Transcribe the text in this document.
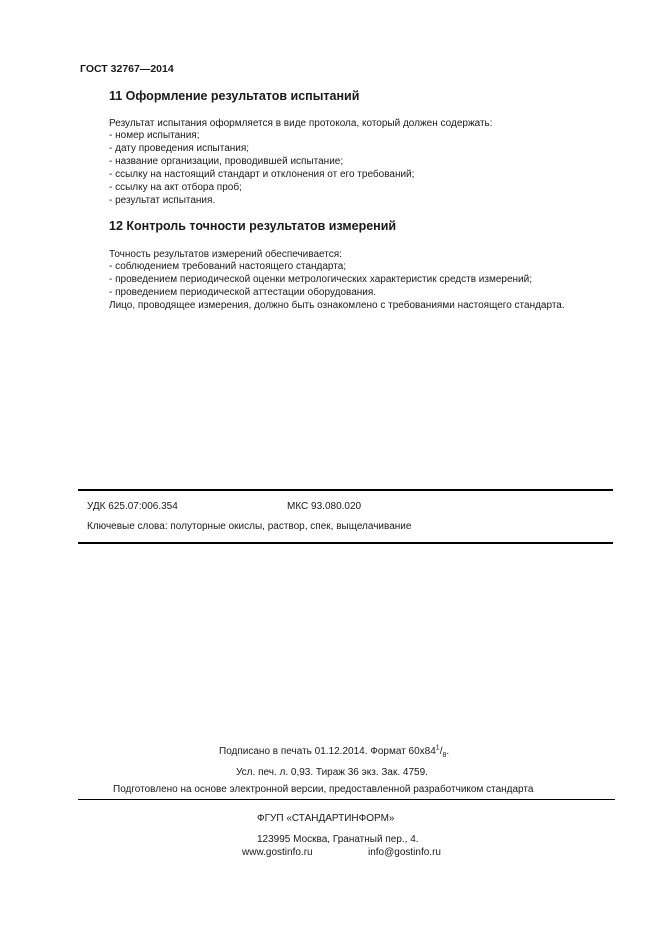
ГОСТ 32767—2014
11 Оформление результатов испытаний
Результат испытания оформляется в виде протокола, который должен содержать:
- номер испытания;
- дату проведения испытания;
- название организации, проводившей испытание;
- ссылку на настоящий стандарт и отклонения от его требований;
- ссылку на акт отбора проб;
- результат испытания.
12 Контроль точности результатов измерений
Точность результатов измерений обеспечивается:
- соблюдением требований настоящего стандарта;
- проведением периодической оценки метрологических характеристик средств измерений;
- проведением периодической аттестации оборудования.
Лицо, проводящее измерения, должно быть ознакомлено с требованиями настоящего стандарта.
УДК 625.07:006.354	МКС 93.080.020
Ключевые слова: полуторные окислы, раствор, спек, выщелачивание
Подписано в печать 01.12.2014. Формат $60x84^1/_8$.
Усл. печ. л. 0,93. Тираж 36 экз. Зак. 4759.
Подготовлено на основе электронной версии, предоставленной разработчиком стандарта
ФГУП «СТАНДАРТИНФОРМ»
123995 Москва, Гранатный пер., 4.
www.gostinfo.ru	info@gostinfo.ru
